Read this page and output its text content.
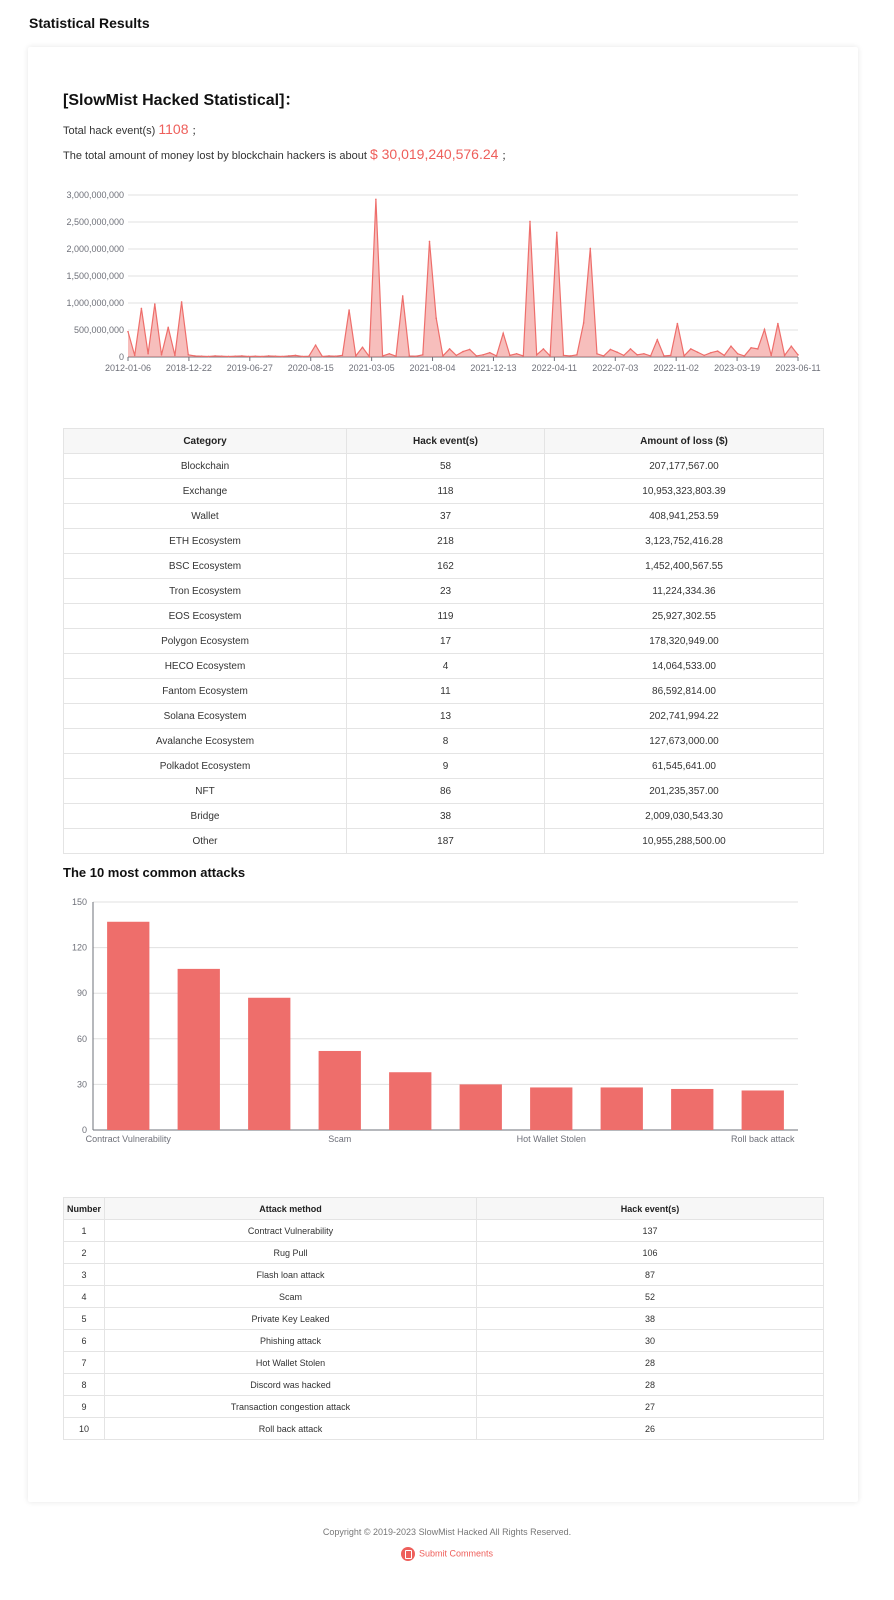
Statistical Results
[SlowMist Hacked Statistical]：
Total hack event(s) 1108 ；
The total amount of money lost by blockchain hackers is about $ 30,019,240,576.24 ；
0
500,000,000
1,000,000,000
1,500,000,000
2,000,000,000
2,500,000,000
3,000,000,000
2012-01-06 2018-12-22 2019-06-27 2020-08-15 2021-03-05 2021-08-04 2021-12-13 2022-04-11 2022-07-03 2022-11-02 2023-03-19 2023-06-11
Category	Hack event(s)	Amount of loss ($)
Blockchain	58	207,177,567.00
Exchange	118	10,953,323,803.39
Wallet	37	408,941,253.59
ETH Ecosystem	218	3,123,752,416.28
BSC Ecosystem	162	1,452,400,567.55
Tron Ecosystem	23	11,224,334.36
EOS Ecosystem	119	25,927,302.55
Polygon Ecosystem	17	178,320,949.00
HECO Ecosystem	4	14,064,533.00
Fantom Ecosystem	11	86,592,814.00
Solana Ecosystem	13	202,741,994.22
Avalanche Ecosystem	8	127,673,000.00
Polkadot Ecosystem	9	61,545,641.00
NFT	86	201,235,357.00
Bridge	38	2,009,030,543.30
Other	187	10,955,288,500.00
The 10 most common attacks
0
30
60
90
120
150
Contract Vulnerability	Scam	Hot Wallet Stolen	Roll back attack
Number	Attack method	Hack event(s)
1	Contract Vulnerability	137
2	Rug Pull	106
3	Flash loan attack	87
4	Scam	52
5	Private Key Leaked	38
6	Phishing attack	30
7	Hot Wallet Stolen	28
8	Discord was hacked	28
9	Transaction congestion attack	27
10	Roll back attack	26
Copyright © 2019-2023 SlowMist Hacked All Rights Reserved.
Submit Comments
